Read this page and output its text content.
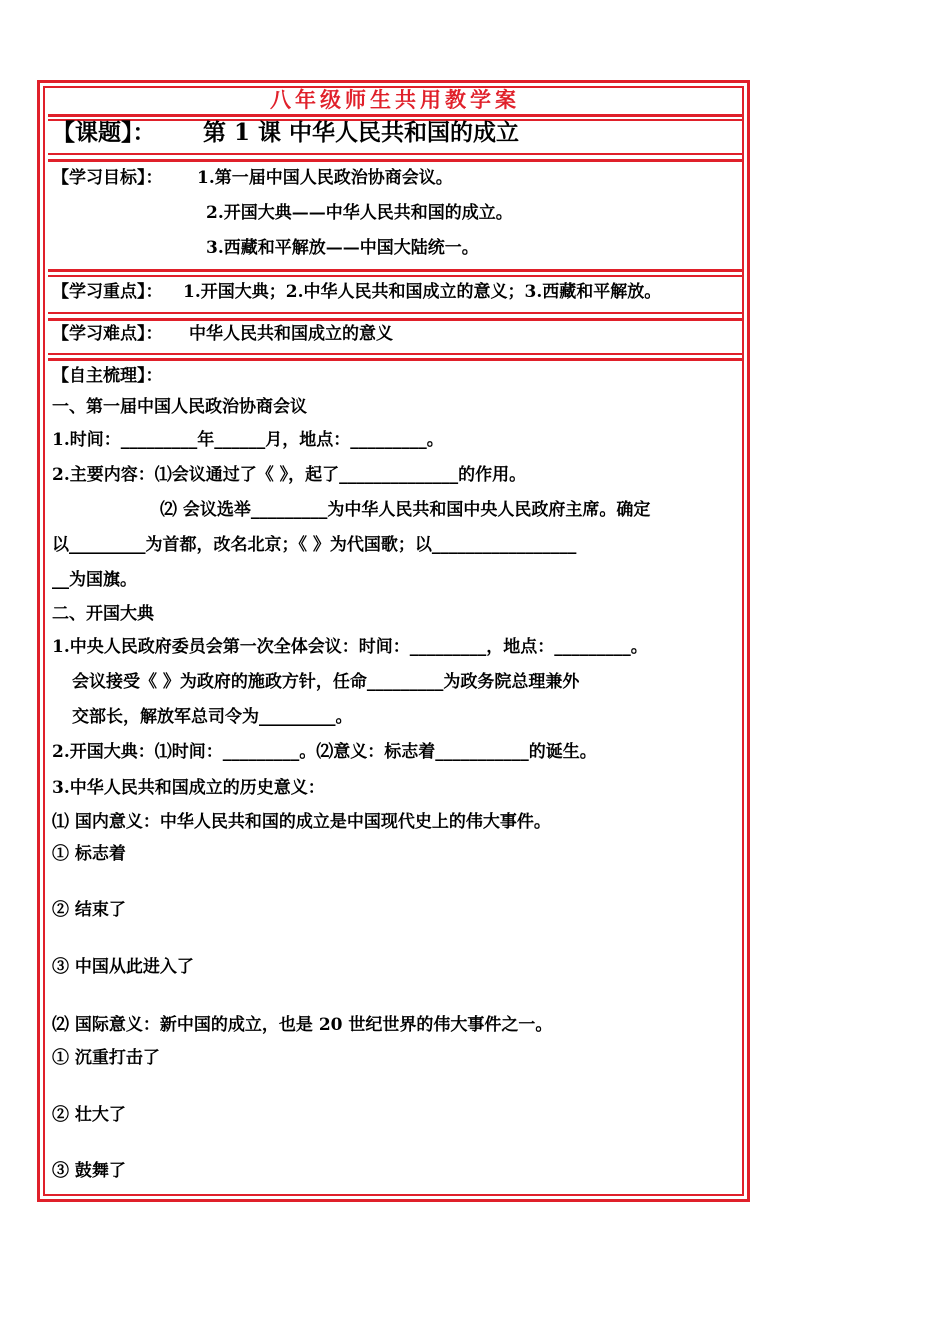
八年级师生共用教学案
【课题】： 第 1 课 中华人民共和国的成立
【学习目标】： 1.第一届中国人民政治协商会议。
2.开国大典——中华人民共和国的成立。
3.西藏和平解放——中国大陆统一。
【学习重点】： 1.开国大典；2.中华人民共和国成立的意义；3.西藏和平解放。
【学习难点】： 中华人民共和国成立的意义
【自主梳理】：
一、第一届中国人民政治协商会议
1.时间：_________年______月，地点：_________。
2.主要内容：⑴会议通过了《 》，起了______________的作用。
⑵ 会议选举_________为中华人民共和国中央人民政府主席。确定
以_________为首都，改名北京；《 》为代国歌；以_________________
__为国旗。
二、开国大典
1.中央人民政府委员会第一次全体会议：时间：_________，地点：_________。
会议接受《 》为政府的施政方针，任命_________为政务院总理兼外
交部长，解放军总司令为_________。
2.开国大典：⑴时间：_________。⑵意义：标志着___________的诞生。
3.中华人民共和国成立的历史意义：
⑴ 国内意义：中华人民共和国的成立是中国现代史上的伟大事件。
① 标志着
② 结束了
③ 中国从此进入了
⑵ 国际意义：新中国的成立，也是 20 世纪世界的伟大事件之一。
① 沉重打击了
② 壮大了
③ 鼓舞了
